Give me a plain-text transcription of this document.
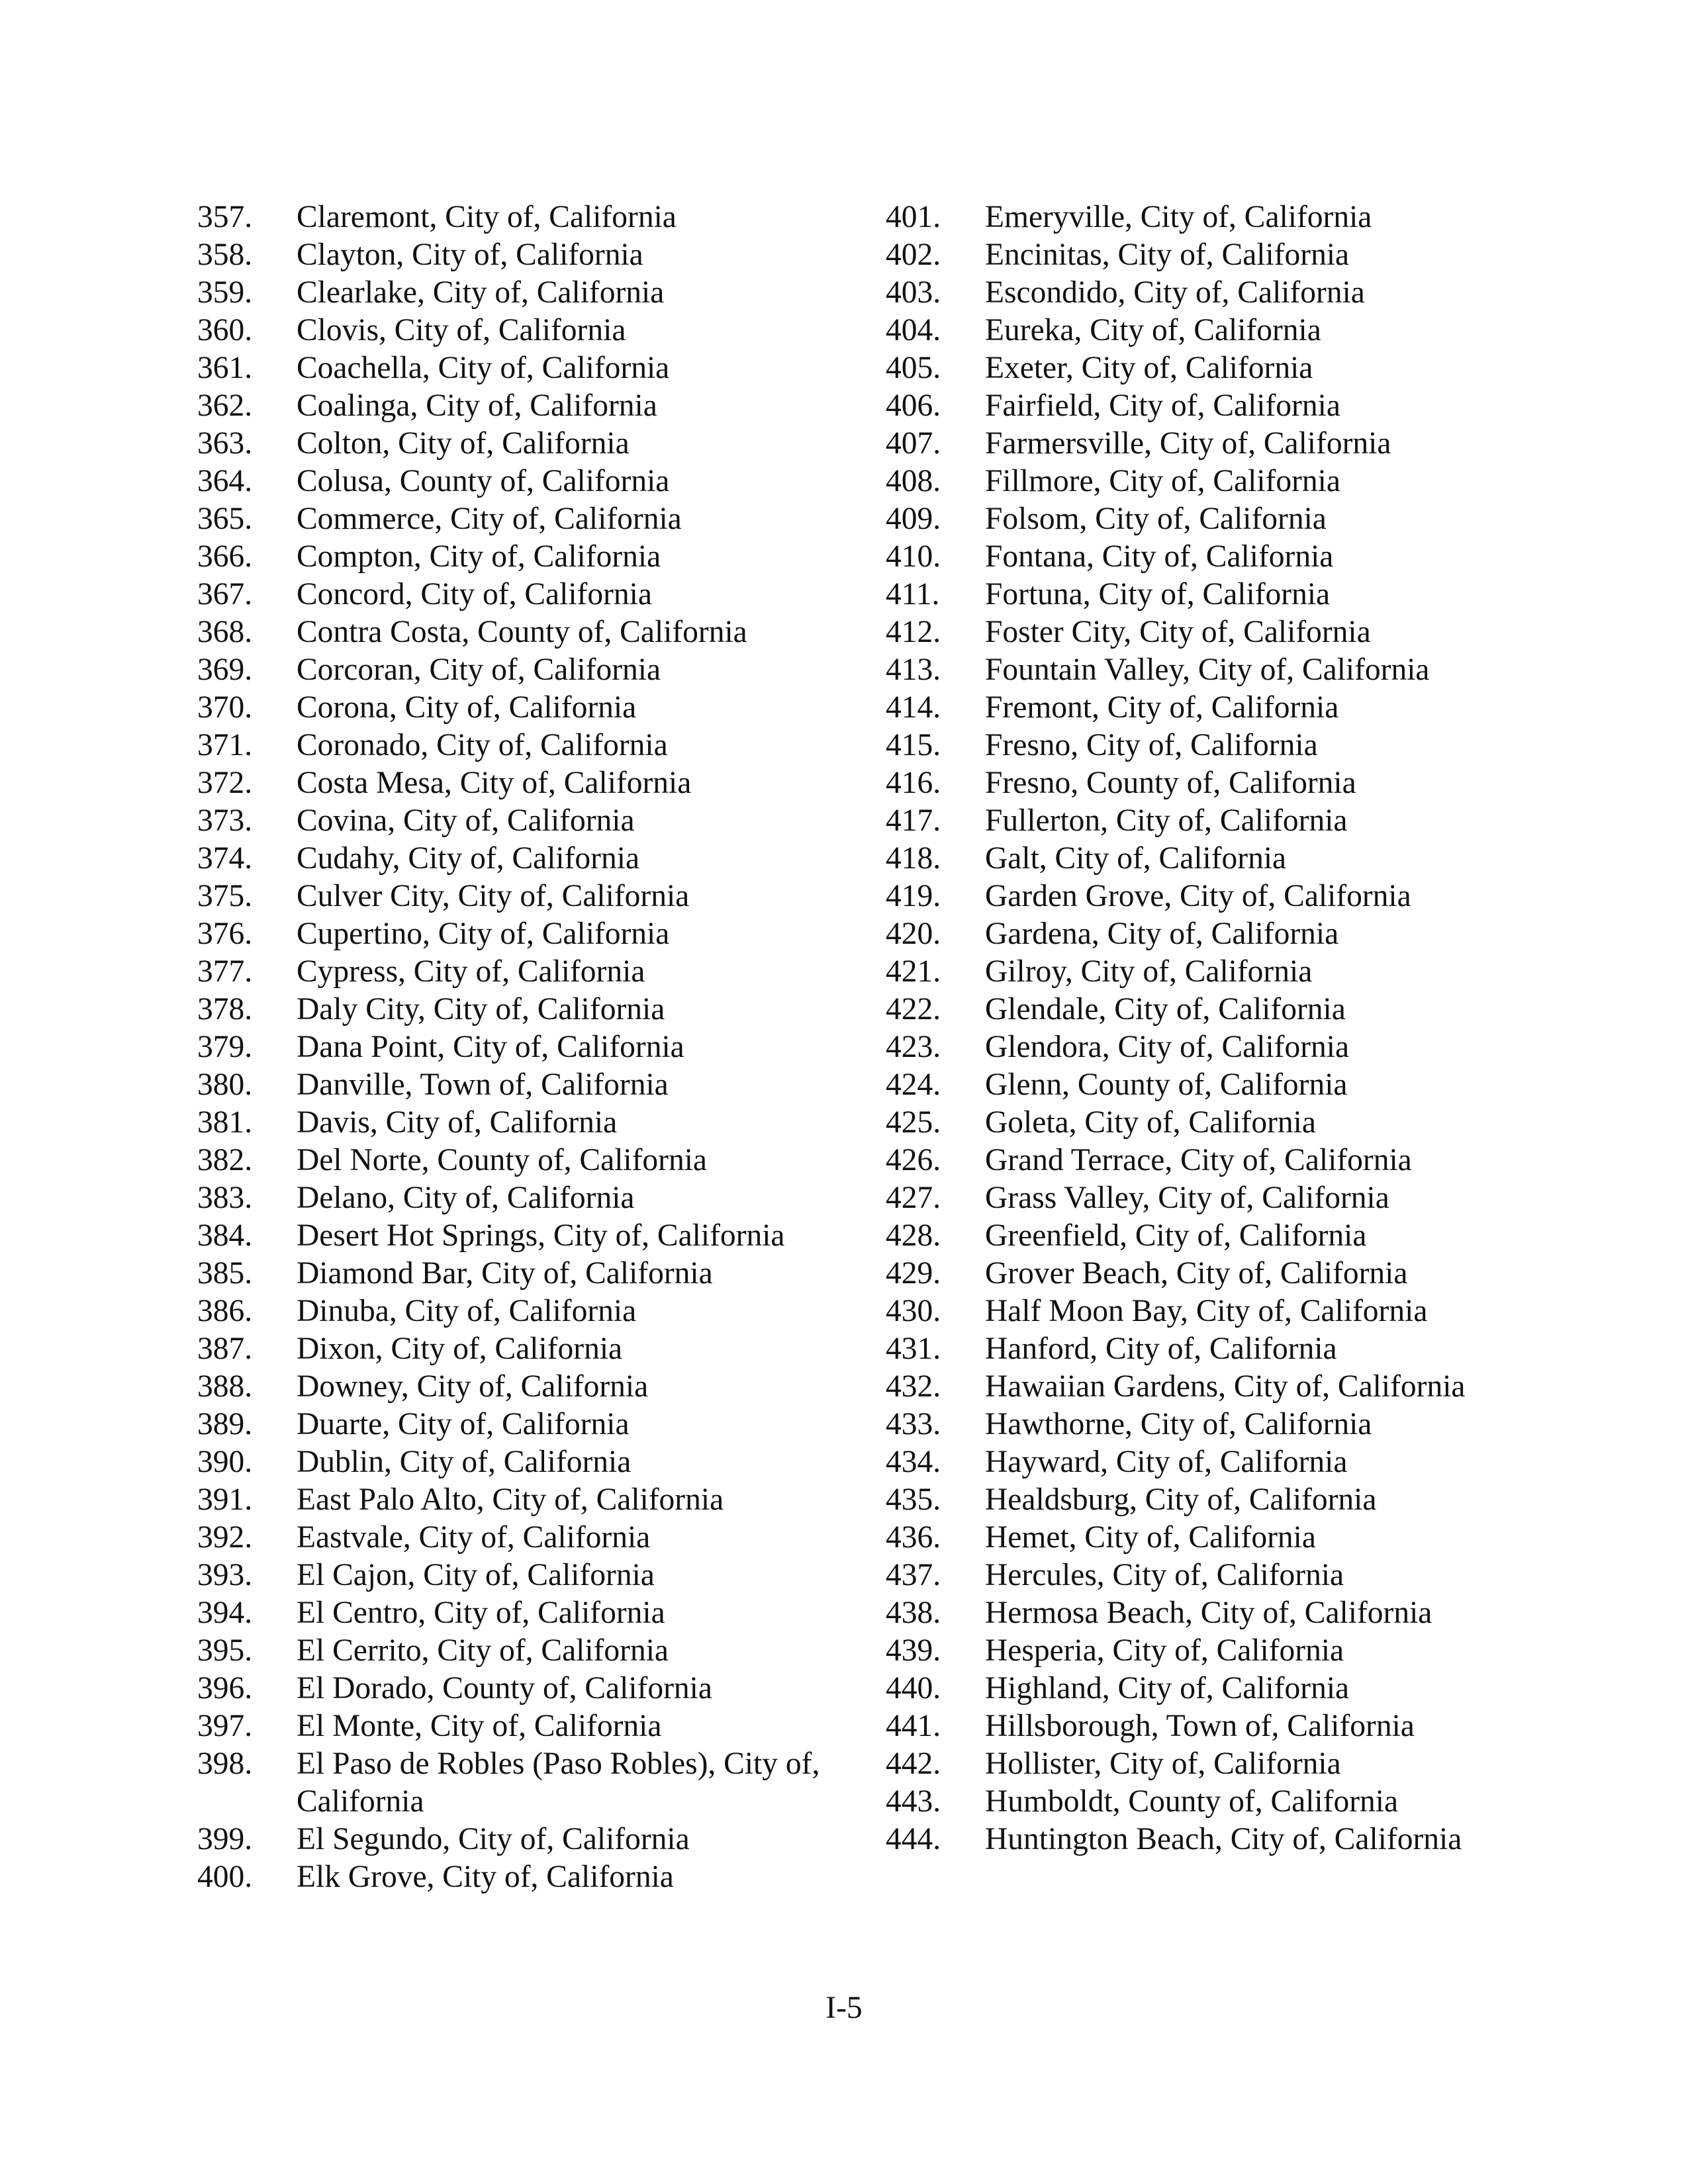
357.	Claremont, City of, California
358.	Clayton, City of, California
359.	Clearlake, City of, California
360.	Clovis, City of, California
361.	Coachella, City of, California
362.	Coalinga, City of, California
363.	Colton, City of, California
364.	Colusa, County of, California
365.	Commerce, City of, California
366.	Compton, City of, California
367.	Concord, City of, California
368.	Contra Costa, County of, California
369.	Corcoran, City of, California
370.	Corona, City of, California
371.	Coronado, City of, California
372.	Costa Mesa, City of, California
373.	Covina, City of, California
374.	Cudahy, City of, California
375.	Culver City, City of, California
376.	Cupertino, City of, California
377.	Cypress, City of, California
378.	Daly City, City of, California
379.	Dana Point, City of, California
380.	Danville, Town of, California
381.	Davis, City of, California
382.	Del Norte, County of, California
383.	Delano, City of, California
384.	Desert Hot Springs, City of, California
385.	Diamond Bar, City of, California
386.	Dinuba, City of, California
387.	Dixon, City of, California
388.	Downey, City of, California
389.	Duarte, City of, California
390.	Dublin, City of, California
391.	East Palo Alto, City of, California
392.	Eastvale, City of, California
393.	El Cajon, City of, California
394.	El Centro, City of, California
395.	El Cerrito, City of, California
396.	El Dorado, County of, California
397.	El Monte, City of, California
398.	El Paso de Robles (Paso Robles), City of, California
399.	El Segundo, City of, California
400.	Elk Grove, City of, California
401.	Emeryville, City of, California
402.	Encinitas, City of, California
403.	Escondido, City of, California
404.	Eureka, City of, California
405.	Exeter, City of, California
406.	Fairfield, City of, California
407.	Farmersville, City of, California
408.	Fillmore, City of, California
409.	Folsom, City of, California
410.	Fontana, City of, California
411.	Fortuna, City of, California
412.	Foster City, City of, California
413.	Fountain Valley, City of, California
414.	Fremont, City of, California
415.	Fresno, City of, California
416.	Fresno, County of, California
417.	Fullerton, City of, California
418.	Galt, City of, California
419.	Garden Grove, City of, California
420.	Gardena, City of, California
421.	Gilroy, City of, California
422.	Glendale, City of, California
423.	Glendora, City of, California
424.	Glenn, County of, California
425.	Goleta, City of, California
426.	Grand Terrace, City of, California
427.	Grass Valley, City of, California
428.	Greenfield, City of, California
429.	Grover Beach, City of, California
430.	Half Moon Bay, City of, California
431.	Hanford, City of, California
432.	Hawaiian Gardens, City of, California
433.	Hawthorne, City of, California
434.	Hayward, City of, California
435.	Healdsburg, City of, California
436.	Hemet, City of, California
437.	Hercules, City of, California
438.	Hermosa Beach, City of, California
439.	Hesperia, City of, California
440.	Highland, City of, California
441.	Hillsborough, Town of, California
442.	Hollister, City of, California
443.	Humboldt, County of, California
444.	Huntington Beach, City of, California
I-5
